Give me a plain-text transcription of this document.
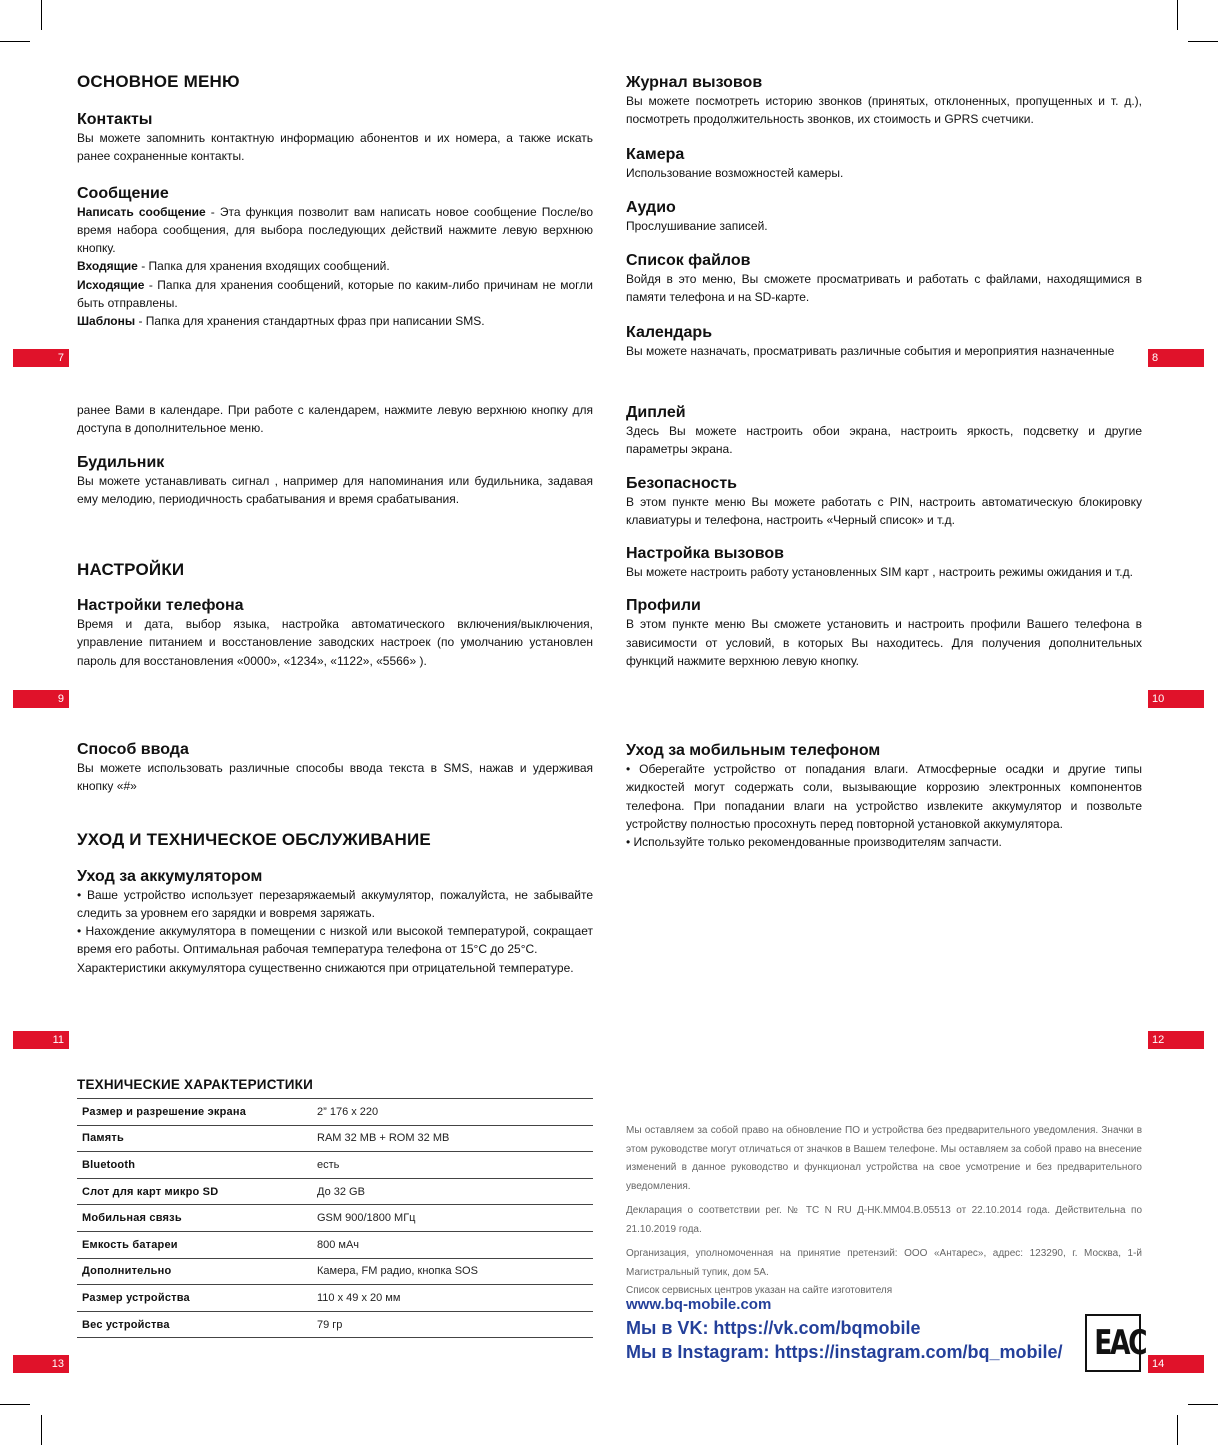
7	8
9	10
11	12
13	14

ОСНОВНОЕ МЕНЮ

Контакты

Вы можете запомнить контактную информацию абонентов и их номера, а также искать ранее сохраненные контакты.

Сообщение

Написать сообщение - Эта функция позволит вам написать новое сообщение После/во время набора сообщения, для выбора последующих действий нажмите левую верхнюю кнопку.

Входящие - Папка для хранения входящих сообщений.

Исходящие - Папка для хранения сообщений, которые по каким-либо причинам не могли быть отправлены.

Шаблоны - Папка для хранения стандартных фраз при написании SMS.

Журнал вызовов

Вы можете посмотреть историю звонков (принятых, отклоненных, пропущенных и т. д.), посмотреть продолжительность звонков, их стоимость и GPRS счетчики.

Камера

Использование возможностей камеры.

Аудио

Прослушивание записей.

Список файлов

Войдя в это меню, Вы сможете просматривать и работать с файлами, находящимися в памяти телефона и на SD-карте.

Календарь

Вы можете назначать, просматривать различные события и мероприятия назначенные

ранее Вами в календаре. При работе с календарем, нажмите левую верхнюю кнопку для доступа в дополнительное меню.

Будильник

Вы можете устанавливать сигнал , например для напоминания или будильника, задавая ему мелодию, периодичность срабатывания и время срабатывания.

НАСТРОЙКИ

Настройки телефона

Время и дата, выбор языка, настройка автоматического включения/выключения, управление питанием и восстановление заводских настроек (по умолчанию установлен пароль для восстановления «0000», «1234», «1122», «5566» ).

Диплей

Здесь Вы можете настроить обои экрана, настроить яркость, подсветку и другие параметры экрана.

Безопасность

В этом пункте меню Вы можете работать с PIN, настроить автоматическую блокировку клавиатуры и телефона, настроить «Черный список» и т.д.

Настройка вызовов

Вы можете настроить работу установленных SIM карт , настроить режимы ожидания и т.д.

Профили

В этом пункте меню Вы сможете установить и настроить профили Вашего телефона в зависимости от условий, в которых Вы находитесь. Для получения дополнительных функций нажмите верхнюю левую кнопку.

Способ ввода

Вы можете использовать различные способы ввода текста в SMS, нажав и удерживая кнопку «#»

УХОД И ТЕХНИЧЕСКОЕ ОБСЛУЖИВАНИЕ

Уход за аккумулятором

• Ваше устройство использует перезаряжаемый аккумулятор, пожалуйста, не забывайте следить за уровнем его зарядки и вовремя заряжать.

• Нахождение аккумулятора в помещении с низкой или высокой температурой, сокращает время его работы. Оптимальная рабочая температура телефона от 15°С до 25°С.

Характеристики аккумулятора существенно снижаются при отрицательной температуре.

Уход за мобильным телефоном

• Оберегайте устройство от попадания влаги. Атмосферные осадки и другие типы жидкостей могут содержать соли, вызывающие коррозию электронных компонентов телефона. При попадании влаги на устройство извлеките аккумулятор и позвольте устройству полностью просохнуть перед повторной установкой аккумулятора.

• Используйте только рекомендованные производителям запчасти.

ТЕХНИЧЕСКИЕ ХАРАКТЕРИСТИКИ
Размер и разрешение экрана	2” 176 x 220
Память	RAM 32 MB + ROM 32 MB
Bluetooth	есть
Слот для карт микро SD	До 32 GB
Мобильная связь	GSM 900/1800 МГц
Емкость батареи	800 мАч
Дополнительно	Камера, FM радио, кнопка SOS
Размер устройства	110 x 49 x 20 мм
Вес устройства	79 гр

Мы оставляем за собой право на обновление ПО и устройства без предварительного уведомления. Значки в этом руководстве могут отличаться от значков в Вашем телефоне. Мы оставляем за собой право на внесение изменений в данное руководство и функционал устройства на свое усмотрение и без предварительного уведомления.

Декларация о соответствии рег. № ТС N RU Д-НК.ММ04.В.05513 от 22.10.2014 года. Действительна по 21.10.2019 года.

Организация, уполномоченная на принятие претензий: ООО «Антарес», адрес: 123290, г. Москва, 1-й Магистральный тупик, дом 5А.

Список сервисных центров указан на сайте изготовителя

www.bq-mobile.com

Мы в VK: https://vk.com/bqmobile

Мы в Instagram: https://instagram.com/bq_mobile/ EAC
